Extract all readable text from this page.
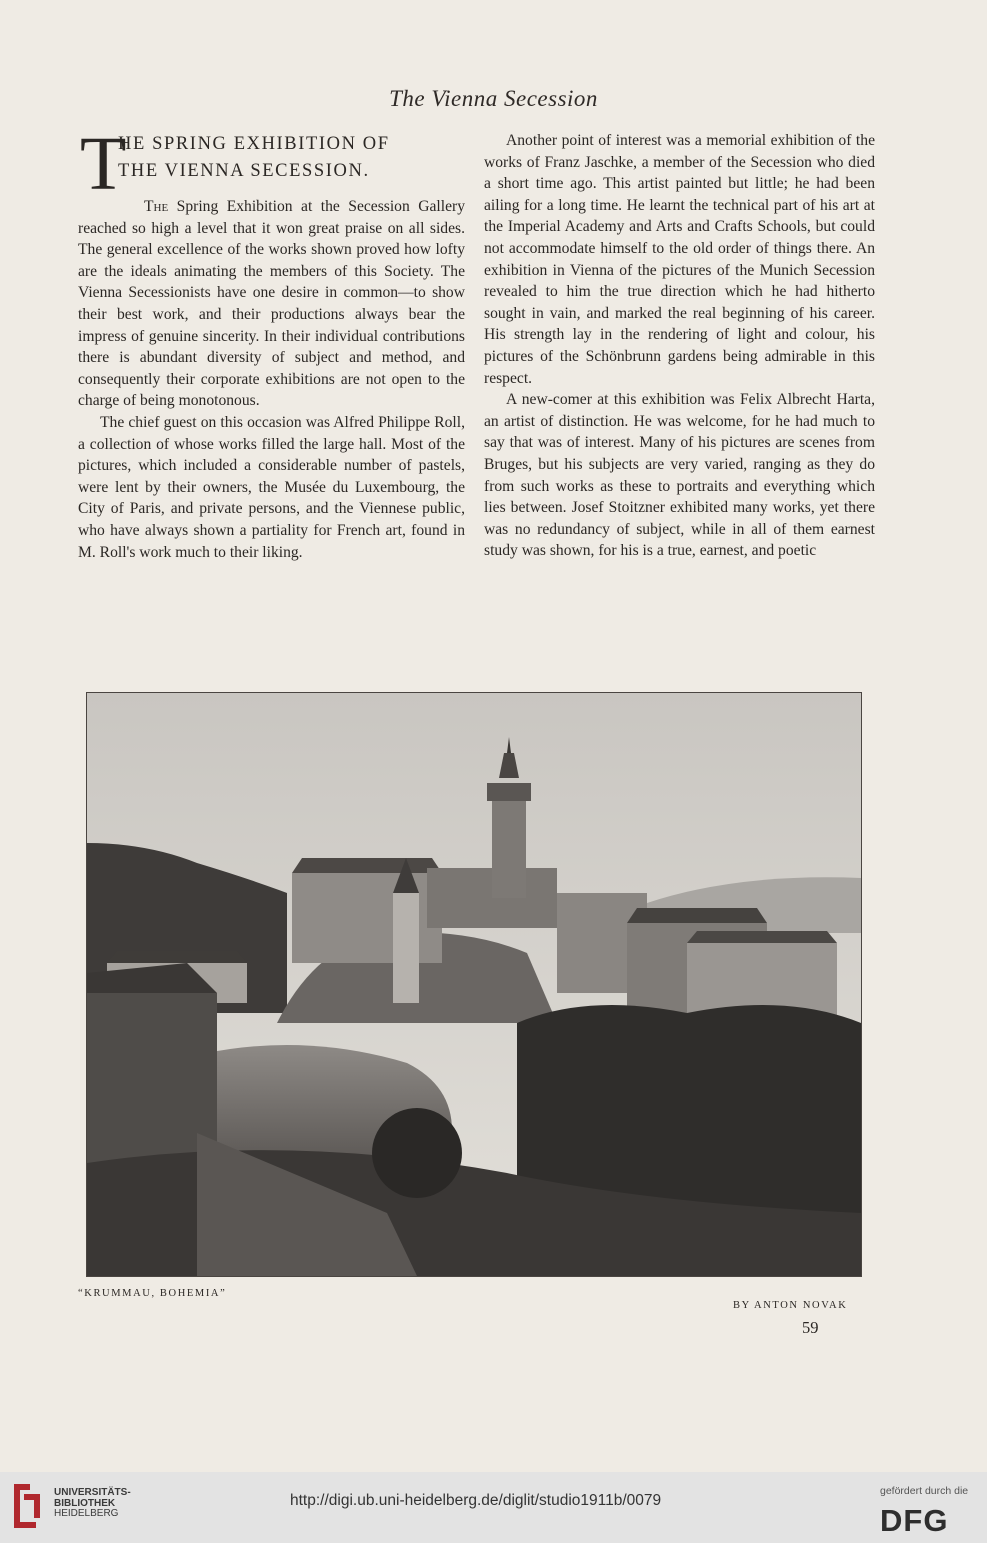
The Vienna Secession
T
HE SPRING EXHIBITION OF
THE VIENNA SECESSION.

The Spring Exhibition at the Secession Gallery reached so high a level that it won great praise on all sides. The general excellence of the works shown proved how lofty are the ideals animating the members of this Society. The Vienna Secessionists have one desire in common—to show their best work, and their productions always bear the impress of genuine sincerity. In their individual contributions there is abundant diversity of subject and method, and consequently their corporate exhibitions are not open to the charge of being monotonous.

The chief guest on this occasion was Alfred Philippe Roll, a collection of whose works filled the large hall. Most of the pictures, which included a considerable number of pastels, were lent by their owners, the Musée du Luxembourg, the City of Paris, and private persons, and the Viennese public, who have always shown a partiality for French art, found in M. Roll's work much to their liking.

Another point of interest was a memorial exhibition of the works of Franz Jaschke, a member of the Secession who died a short time ago. This artist painted but little; he had been ailing for a long time. He learnt the technical part of his art at the Imperial Academy and Arts and Crafts Schools, but could not accommodate himself to the old order of things there. An exhibition in Vienna of the pictures of the Munich Secession revealed to him the true direction which he had hitherto sought in vain, and marked the real beginning of his career. His strength lay in the rendering of light and colour, his pictures of the Schönbrunn gardens being admirable in this respect.

A new-comer at this exhibition was Felix Albrecht Harta, an artist of distinction. He was welcome, for he had much to say that was of interest. Many of his pictures are scenes from Bruges, but his subjects are very varied, ranging as they do from such works as these to portraits and everything which lies between. Josef Stoitzner exhibited many works, yet there was no redundancy of subject, while in all of them earnest study was shown, for his is a true, earnest, and poetic

“KRUMMAU, BOHEMIA”
BY ANTON NOVAK
59
UNIVERSITÄTS-
BIBLIOTHEK
HEIDELBERG
http://digi.ub.uni-heidelberg.de/diglit/studio1911b/0079
gefördert durch die
DFG
